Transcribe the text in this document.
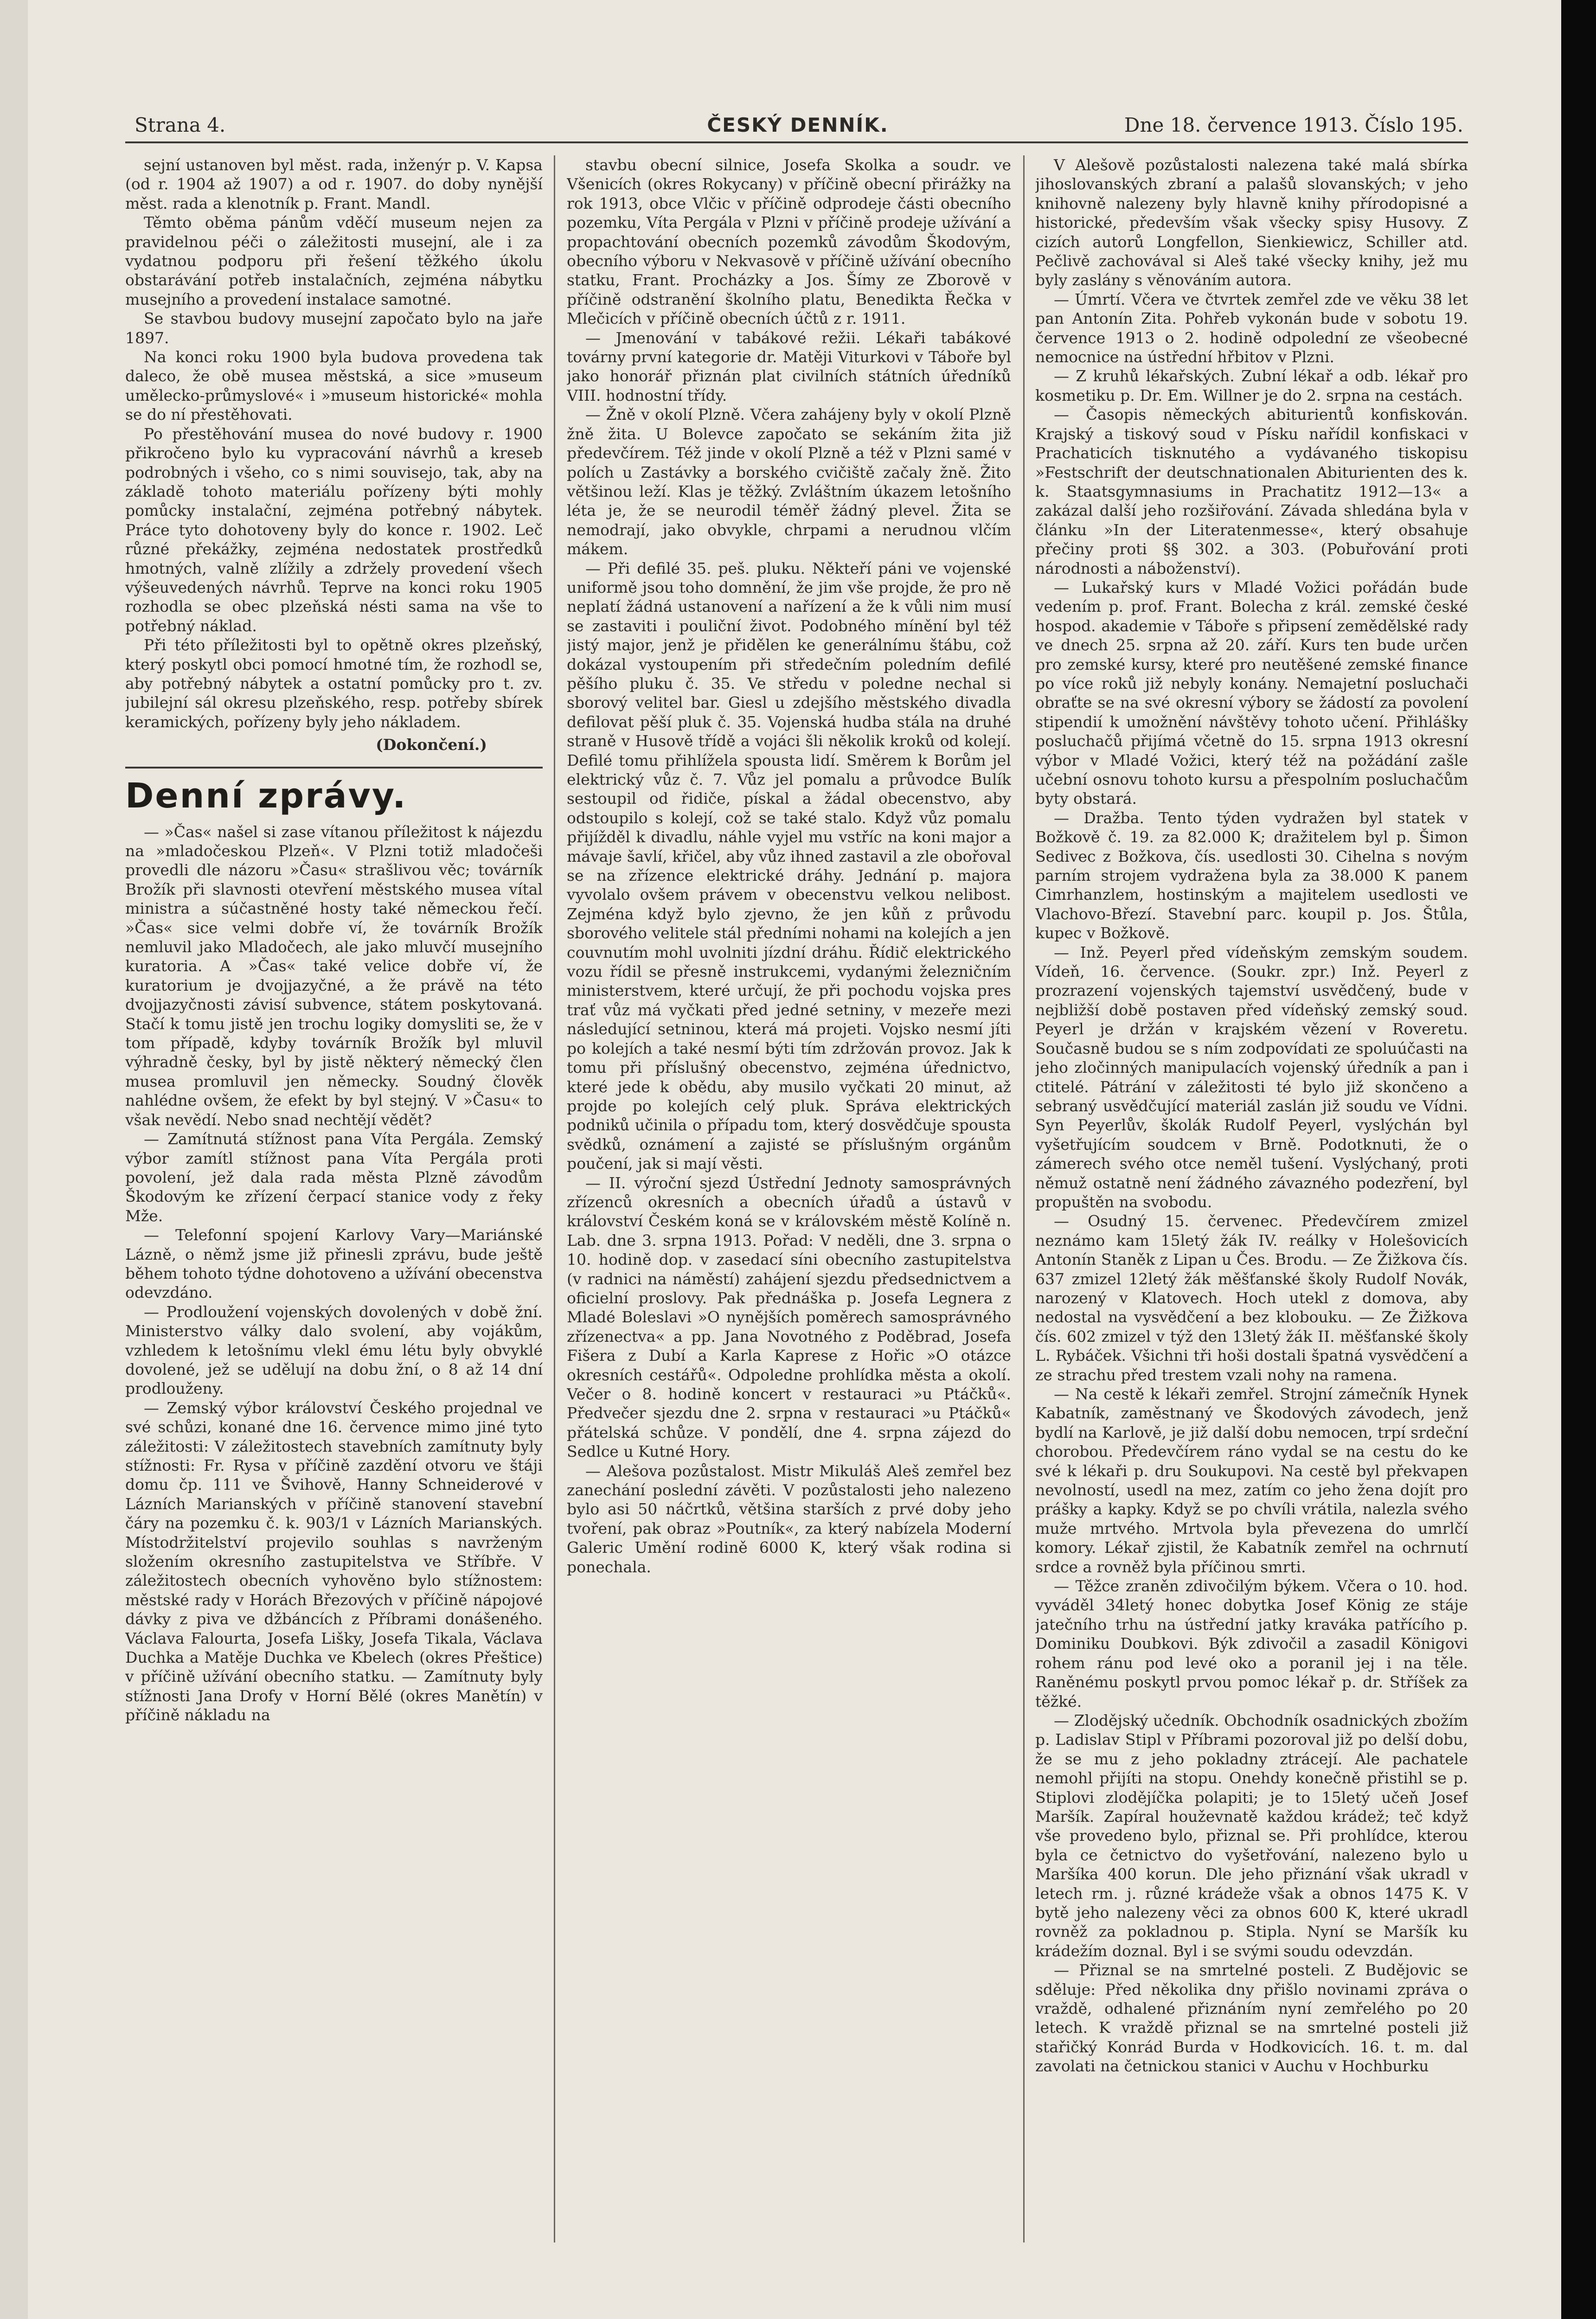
Strana 4.	ČESKÝ DENNÍK.	Dne 18. července 1913. Číslo 195.

sejní ustanoven byl měst. rada, inženýr p. V. Kapsa (od r. 1904 až 1907) a od r. 1907. do doby nynější měst. rada a klenotník p. Frant. Mandl.

Těmto oběma pánům vděčí museum nejen za pravidelnou péči o záležitosti musejní, ale i za vydatnou podporu při řešení těžkého úkolu obstarávání potřeb instalačních, zejména nábytku musejního a provedení instalace samotné.

Se stavbou budovy musejní započato bylo na jaře 1897.

Na konci roku 1900 byla budova provedena tak daleco, že obě musea městská, a sice »museum umělecko-průmyslové« i »museum historické« mohla se do ní přestěhovati.

Po přestěhování musea do nové budovy r. 1900 přikročeno bylo ku vypracování návrhů a kreseb podrobných i všeho, co s nimi souvisejo, tak, aby na základě tohoto materiálu pořízeny býti mohly pomůcky instalační, zejména potřebný nábytek. Práce tyto dohotoveny byly do konce r. 1902. Leč různé překážky, zejména nedostatek prostředků hmotných, valně zlížily a zdržely provedení všech výšeuvedených návrhů. Teprve na konci roku 1905 rozhodla se obec plzeňská nésti sama na vše to potřebný náklad.

Při této příležitosti byl to opětně okres plzeňský, který poskytl obci pomocí hmotné tím, že rozhodl se, aby potřebný nábytek a ostatní pomůcky pro t. zv. jubilejní sál okresu plzeňského, resp. potřeby sbírek keramických, pořízeny byly jeho nákladem.

(Dokončení.)

Denní zprávy.

— »Čas« našel si zase vítanou příležitost k nájezdu na »mladočeskou Plzeň«. V Plzni totiž mladočeši provedli dle názoru »Času« strašlivou věc; továrník Brožík při slavnosti otevření městského musea vítal ministra a súčastněné hosty také německou řečí. »Čas« sice velmi dobře ví, že továrník Brožík nemluvil jako Mladočech, ale jako mluvčí musejního kuratoria. A »Čas« také velice dobře ví, že kuratorium je dvojjazyčné, a že právě na této dvojjazyčnosti závisí subvence, státem poskytovaná. Stačí k tomu jistě jen trochu logiky domysliti se, že v tom případě, kdyby továrník Brožík byl mluvil výhradně česky, byl by jistě některý německý člen musea promluvil jen německy. Soudný člověk nahlédne ovšem, že efekt by byl stejný. V »Času« to však nevědí. Nebo snad nechtějí vědět?

— Zamítnutá stížnost pana Víta Pergála. Zemský výbor zamítl stížnost pana Víta Pergála proti povolení, jež dala rada města Plzně závodům Škodovým ke zřízení čerpací stanice vody z řeky Mže.

— Telefonní spojení Karlovy Vary—Mariánské Lázně, o němž jsme již přinesli zprávu, bude ještě během tohoto týdne dohotoveno a užívání obecenstva odevzdáno.

— Prodloužení vojenských dovolených v době žní. Ministerstvo války dalo svolení, aby vojákům, vzhledem k letošnímu vlekl ému létu byly obvyklé dovolené, jež se udělují na dobu žní, o 8 až 14 dní prodlouženy.

— Zemský výbor království Českého projednal ve své schůzi, konané dne 16. července mimo jiné tyto záležitosti: V záležitostech stavebních zamítnuty byly stížnosti: Fr. Rysa v příčině zazdění otvoru ve štáji domu čp. 111 ve Švihově, Hanny Schneiderové v Lázních Marianských v příčině stanovení stavební čáry na pozemku č. k. 903/1 v Lázních Marianských. Místodržitelství projevilo souhlas s navrženým složením okresního zastupitelstva ve Stříbře. V záležitostech obecních vyhověno bylo stížnostem: městské rady v Horách Březových v příčině nápojové dávky z piva ve džbáncích z Příbrami donášeného. Václava Falourta, Josefa Lišky, Josefa Tikala, Václava Duchka a Matěje Duchka ve Kbelech (okres Přeštice) v příčině užívání obecního statku. — Zamítnuty byly stížnosti Jana Drofy v Horní Bělé (okres Manětín) v příčině nákladu na

stavbu obecní silnice, Josefa Skolka a soudr. ve Všenicích (okres Rokycany) v příčině obecní přirážky na rok 1913, obce Vlčic v příčině odprodeje části obecního pozemku, Víta Pergála v Plzni v příčině prodeje užívání a propachtování obecních pozemků závodům Škodovým, obecního výboru v Nekvasově v příčině užívání obecního statku, Frant. Procházky a Jos. Šímy ze Zborově v příčině odstranění školního platu, Benedikta Řečka v Mlečicích v příčině obecních účtů z r. 1911.

— Jmenování v tabákové režii. Lékaři tabákové továrny první kategorie dr. Matěji Viturkovi v Táboře byl jako honorář přiznán plat civilních státních úředníků VIII. hodnostní třídy.

— Žně v okolí Plzně. Včera zahájeny byly v okolí Plzně žně žita. U Bolevce započato se sekáním žita již předevčírem. Též jinde v okolí Plzně a též v Plzni samé v polích u Zastávky a borského cvičiště začaly žně. Žito většinou leží. Klas je těžký. Zvláštním úkazem letošního léta je, že se neurodil téměř žádný plevel. Žita se nemodrají, jako obvykle, chrpami a nerudnou vlčím mákem.

— Při defilé 35. peš. pluku. Někteří páni ve vojenské uniformě jsou toho domnění, že jim vše projde, že pro ně neplatí žádná ustanovení a nařízení a že k vůli nim musí se zastaviti i pouliční život. Podobného mínění byl též jistý major, jenž je přidělen ke generálnímu štábu, což dokázal vystoupením při středečním poledním defilé pěšího pluku č. 35. Ve středu v poledne nechal si sborový velitel bar. Giesl u zdejšího městského divadla defilovat pěší pluk č. 35. Vojenská hudba stála na druhé straně v Husově třídě a vojáci šli několik kroků od kolejí. Defilé tomu přihlížela spousta lidí. Směrem k Borům jel elektrický vůz č. 7. Vůz jel pomalu a průvodce Bulík sestoupil od řidiče, pískal a žádal obecenstvo, aby odstoupilo s kolejí, což se také stalo. Když vůz pomalu přijížděl k divadlu, náhle vyjel mu vstříc na koni major a mávaje šavlí, křičel, aby vůz ihned zastavil a zle obořoval se na zřízence elektrické dráhy. Jednání p. majora vyvolalo ovšem právem v obecenstvu velkou nelibost. Zejména když bylo zjevno, že jen kůň z průvodu sborového velitele stál předními nohami na kolejích a jen couvnutím mohl uvolniti jízdní dráhu. Řídič elektrického vozu řídil se přesně instrukcemi, vydanými železničním ministerstvem, které určují, že při pochodu vojska pres trať vůz má vyčkati před jedné setniny, v mezeře mezi následující setninou, která má projeti. Vojsko nesmí jíti po kolejích a také nesmí býti tím zdržován provoz. Jak k tomu při příslušný obecenstvo, zejména úřednictvo, které jede k obědu, aby musilo vyčkati 20 minut, až projde po kolejích celý pluk. Správa elektrických podniků učinila o případu tom, který dosvědčuje spousta svědků, oznámení a zajisté se příslušným orgánům poučení, jak si mají věsti.

— II. výroční sjezd Ústřední Jednoty samosprávných zřízenců okresních a obecních úřadů a ústavů v království Českém koná se v královském městě Kolíně n. Lab. dne 3. srpna 1913. Pořad: V neděli, dne 3. srpna o 10. hodině dop. v zasedací síni obecního zastupitelstva (v radnici na náměstí) zahájení sjezdu předsednictvem a oficielní proslovy. Pak přednáška p. Josefa Legnera z Mladé Boleslavi »O nynějších poměrech samosprávného zřízenectva« a pp. Jana Novotného z Poděbrad, Josefa Fišera z Dubí a Karla Kaprese z Hořic »O otázce okresních cestářů«. Odpoledne prohlídka města a okolí. Večer o 8. hodině koncert v restauraci »u Ptáčků«. Předvečer sjezdu dne 2. srpna v restauraci »u Ptáčků« přátelská schůze. V pondělí, dne 4. srpna zájezd do Sedlce u Kutné Hory.

— Alešova pozůstalost. Mistr Mikuláš Aleš zemřel bez zanechání poslední závěti. V pozůstalosti jeho nalezeno bylo asi 50 náčrtků, většina starších z prvé doby jeho tvoření, pak obraz »Poutník«, za který nabízela Moderní Galeric Umění rodině 6000 K, který však rodina si ponechala.

V Alešově pozůstalosti nalezena také malá sbírka jihoslovanských zbraní a palašů slovanských; v jeho knihovně nalezeny byly hlavně knihy přírodopisné a historické, především však všecky spisy Husovy. Z cizích autorů Longfellon, Sienkiewicz, Schiller atd. Pečlivě zachovával si Aleš také všecky knihy, jež mu byly zaslány s věnováním autora.

— Úmrtí. Včera ve čtvrtek zemřel zde ve věku 38 let pan Antonín Zita. Pohřeb vykonán bude v sobotu 19. července 1913 o 2. hodině odpolední ze všeobecné nemocnice na ústřední hřbitov v Plzni.

— Z kruhů lékařských. Zubní lékař a odb. lékař pro kosmetiku p. Dr. Em. Willner je do 2. srpna na cestách.

— Časopis německých abiturientů konfiskován. Krajský a tiskový soud v Písku nařídil konfiskaci v Prachaticích tisknutého a vydávaného tiskopisu »Festschrift der deutschnationalen Abiturienten des k. k. Staatsgymnasiums in Prachatitz 1912—13« a zakázal další jeho rozšiřování. Závada shledána byla v článku »In der Literatenmesse«, který obsahuje přečiny proti §§ 302. a 303. (Pobuřování proti národnosti a náboženství).

— Lukařský kurs v Mladé Vožici pořádán bude vedením p. prof. Frant. Bolecha z král. zemské české hospod. akademie v Táboře s připsení zemědělské rady ve dnech 25. srpna až 20. září. Kurs ten bude určen pro zemské kursy, které pro neutěšené zemské finance po více roků již nebyly konány. Nemajetní posluchači obraťte se na své okresní výbory se žádostí za povolení stipendií k umožnění návštěvy tohoto učení. Přihlášky posluchačů přijímá včetně do 15. srpna 1913 okresní výbor v Mladé Vožici, který též na požádání zašle učební osnovu tohoto kursu a přespolním posluchačům byty obstará.

— Dražba. Tento týden vydražen byl statek v Božkově č. 19. za 82.000 K; dražitelem byl p. Šimon Sedivec z Božkova, čís. usedlosti 30. Cihelna s novým parním strojem vydražena byla za 38.000 K panem Cimrhanzlem, hostinským a majitelem usedlosti ve Vlachovo-Březí. Stavební parc. koupil p. Jos. Štůla, kupec v Božkově.

— Inž. Peyerl před vídeňským zemským soudem. Vídeň, 16. července. (Soukr. zpr.) Inž. Peyerl z prozrazení vojenských tajemství usvědčený, bude v nejbližší době postaven před vídeňský zemský soud. Peyerl je držán v krajském vězení v Roveretu. Současně budou se s ním zodpovídati ze spoluúčasti na jeho zločinných manipulacích vojenský úředník a pan i ctitelé. Pátrání v záležitosti té bylo již skončeno a sebraný usvědčující materiál zaslán již soudu ve Vídni. Syn Peyerlův, školák Rudolf Peyerl, vyslýchán byl vyšetřujícím soudcem v Brně. Podotknuti, že o zámerech svého otce neměl tušení. Vyslýchaný, proti němuž ostatně není žádného závazného podezření, byl propuštěn na svobodu.

— Osudný 15. červenec. Předevčírem zmizel neznámo kam 15letý žák IV. reálky v Holešovicích Antonín Staněk z Lipan u Čes. Brodu. — Ze Žižkova čís. 637 zmizel 12letý žák měšťanské školy Rudolf Novák, narozený v Klatovech. Hoch utekl z domova, aby nedostal na vysvědčení a bez klobouku. — Ze Žižkova čís. 602 zmizel v týž den 13letý žák II. měšťanské školy L. Rybáček. Všichni tři hoši dostali špatná vysvědčení a ze strachu před trestem vzali nohy na ramena.

— Na cestě k lékaři zemřel. Strojní zámečník Hynek Kabatník, zaměstnaný ve Škodových závodech, jenž bydlí na Karlově, je již další dobu nemocen, trpí srdeční chorobou. Předevčírem ráno vydal se na cestu do ke své k lékaři p. dru Soukupovi. Na cestě byl překvapen nevolností, usedl na mez, zatím co jeho žena dojít pro prášky a kapky. Když se po chvíli vrátila, nalezla svého muže mrtvého. Mrtvola byla převezena do umrlčí komory. Lékař zjistil, že Kabatník zemřel na ochrnutí srdce a rovněž byla příčinou smrti.

— Těžce zraněn zdivočilým býkem. Včera o 10. hod. vyváděl 34letý honec dobytka Josef König ze stáje jatečního trhu na ústřední jatky kraváka patřícího p. Dominiku Doubkovi. Býk zdivočil a zasadil Königovi rohem ránu pod levé oko a poranil jej i na těle. Raněnému poskytl prvou pomoc lékař p. dr. Stříšek za těžké.

— Zlodějský učedník. Obchodník osadnických zbožím p. Ladislav Stipl v Příbrami pozoroval již po delší dobu, že se mu z jeho pokladny ztrácejí. Ale pachatele nemohl přijíti na stopu. Onehdy konečně přistihl se p. Stiplovi zlodějíčka polapiti; je to 15letý učeň Josef Maršík. Zapíral houževnatě každou krádež; teč když vše provedeno bylo, přiznal se. Při prohlídce, kterou byla ce četnictvo do vyšetřování, nalezeno bylo u Maršíka 400 korun. Dle jeho přiznání však ukradl v letech rm. j. různé krádeže však a obnos 1475 K. V bytě jeho nalezeny věci za obnos 600 K, které ukradl rovněž za pokladnou p. Stipla. Nyní se Maršík ku krádežím doznal. Byl i se svými soudu odevzdán.

— Přiznal se na smrtelné posteli. Z Budějovic se sděluje: Před několika dny přišlo novinami zpráva o vraždě, odhalené přiznáním nyní zemřelého po 20 letech. K vraždě přiznal se na smrtelné posteli již stařičký Konrád Burda v Hodkovicích. 16. t. m. dal zavolati na četnickou stanici v Auchu v Hochburku
